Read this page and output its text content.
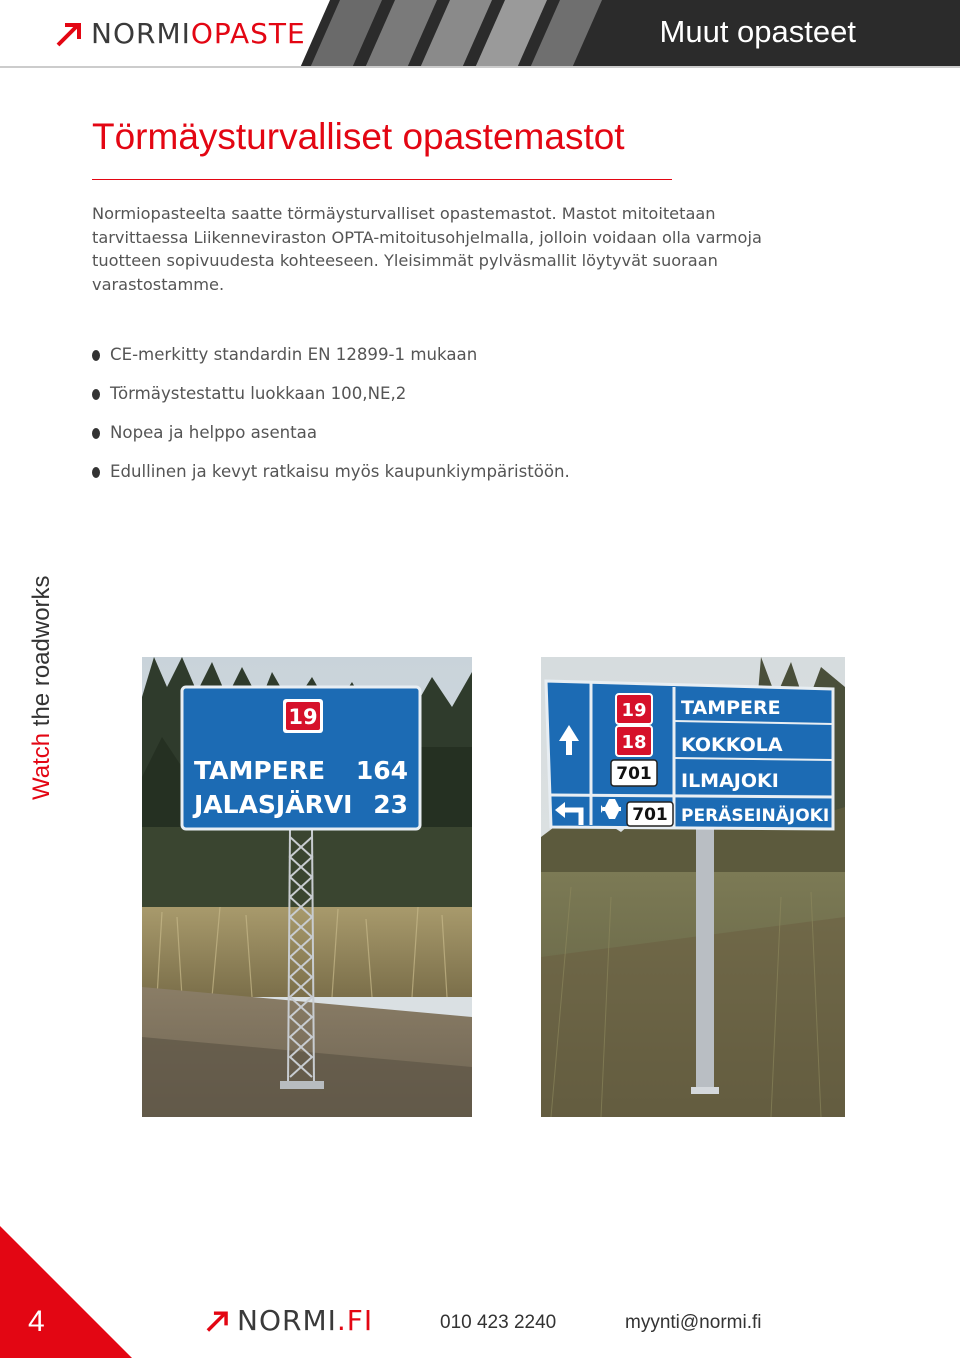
NORMIOPASTE	Muut opasteet
Törmäysturvalliset opastemastot

Normiopasteelta saatte törmäysturvalliset opastemastot. Mastot mitoitetaan tarvittaessa Liikenneviraston OPTA-mitoitusohjelmalla, jolloin voidaan olla varmoja tuotteen sopivuudesta kohteeseen. Yleisimmät pylväsmallit löytyvät suoraan varastostamme.

CE-merkitty standardin EN 12899-1 mukaan
Törmäystestattu luokkaan 100,NE,2
Nopea ja helppo asentaa
Edullinen ja kevyt ratkaisu myös kaupunkiympäristöön.
Watch the roadworks	19
TAMPERE 164
JALASJÄRVI 23
19
18
701
701
TAMPERE
KOKKOLA
ILMAJOKI
PERÄSEINÄJOKI
4	NORMI.FI	010 423 2240	myynti@normi.fi
